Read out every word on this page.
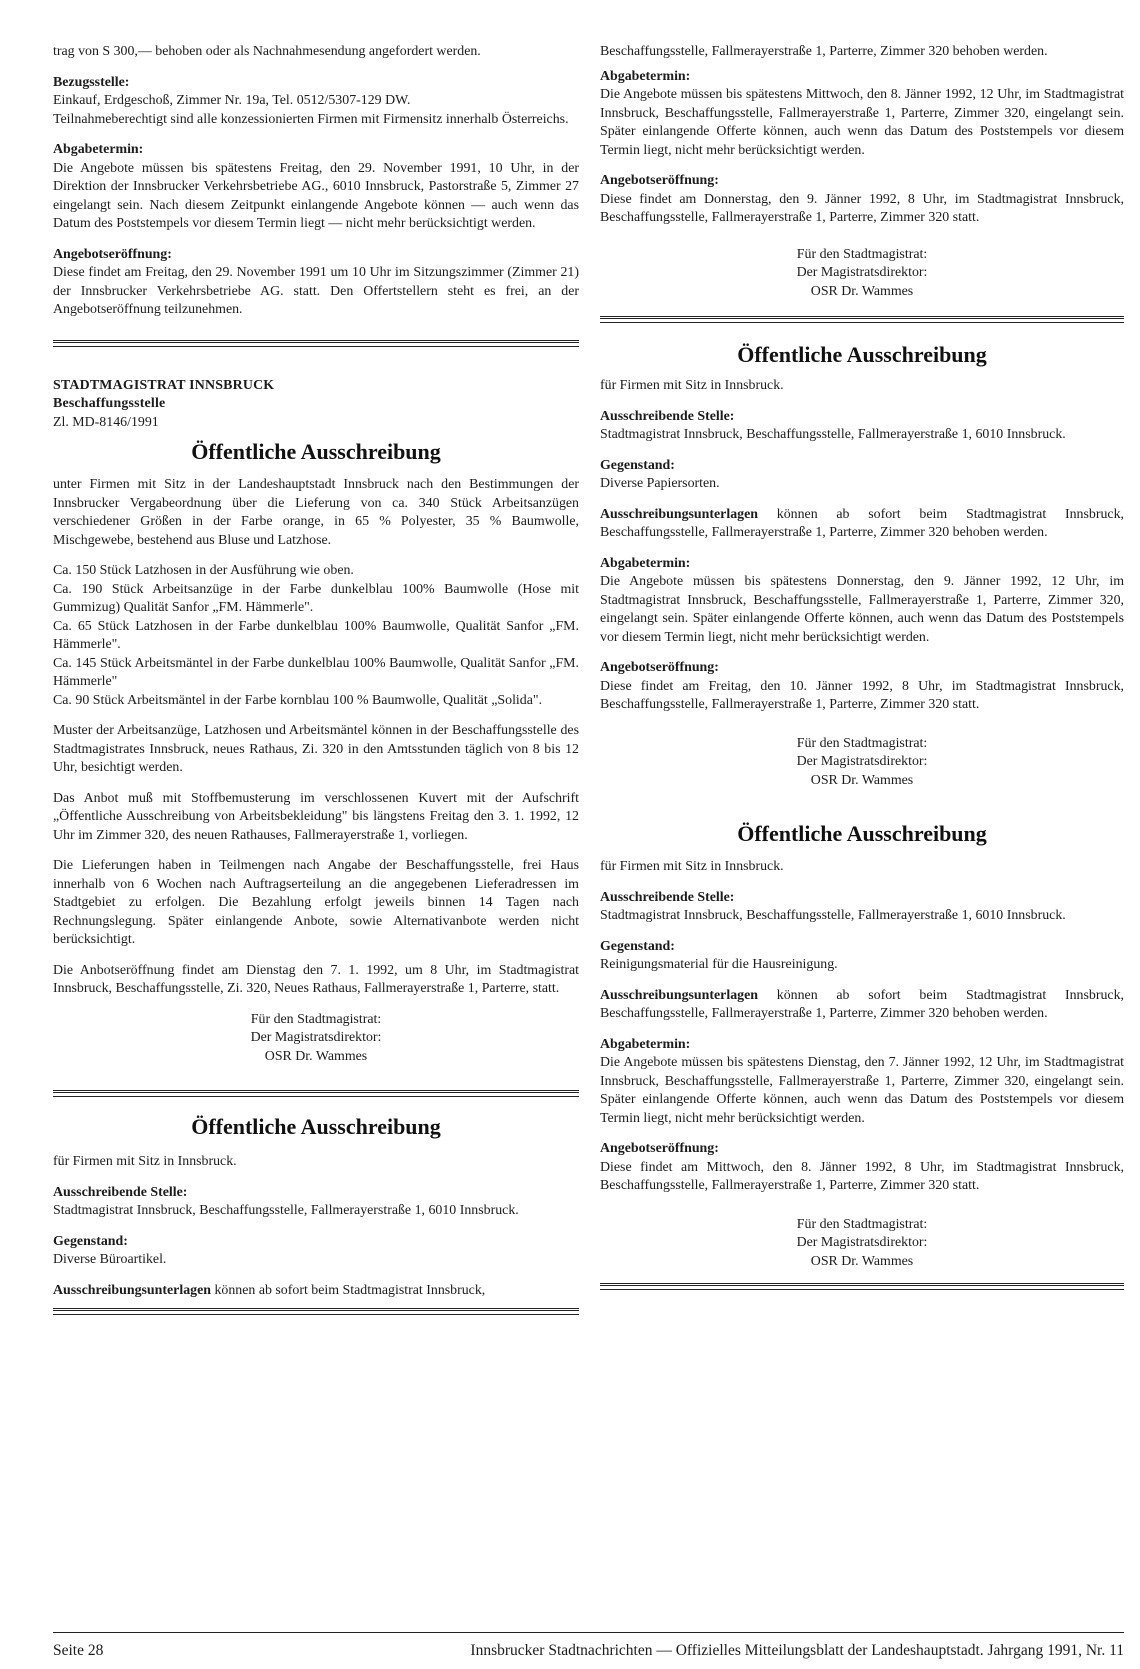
trag von S 300,— behoben oder als Nachnahmesendung angefordert werden.

Bezugsstelle:

Einkauf, Erdgeschoß, Zimmer Nr. 19a, Tel. 0512/5307-129 DW.

Teilnahmeberechtigt sind alle konzessionierten Firmen mit Firmensitz innerhalb Österreichs.

Abgabetermin:

Die Angebote müssen bis spätestens Freitag, den 29. November 1991, 10 Uhr, in der Direktion der Innsbrucker Verkehrsbetriebe AG., 6010 Innsbruck, Pastorstraße 5, Zimmer 27 eingelangt sein. Nach diesem Zeitpunkt einlangende Angebote können — auch wenn das Datum des Poststempels vor diesem Termin liegt — nicht mehr berücksichtigt werden.

Angebotseröffnung:

Diese findet am Freitag, den 29. November 1991 um 10 Uhr im Sitzungszimmer (Zimmer 21) der Innsbrucker Verkehrsbetriebe AG. statt. Den Offertstellern steht es frei, an der Angebotseröffnung teilzunehmen.

STADTMAGISTRAT INNSBRUCK
Beschaffungsstelle
Zl. MD-8146/1991
Öffentliche Ausschreibung

unter Firmen mit Sitz in der Landeshauptstadt Innsbruck nach den Bestimmungen der Innsbrucker Vergabeordnung über die Lieferung von ca. 340 Stück Arbeitsanzügen verschiedener Größen in der Farbe orange, in 65 % Polyester, 35 % Baumwolle, Mischgewebe, bestehend aus Bluse und Latzhose.

Ca. 150 Stück Latzhosen in der Ausführung wie oben.

Ca. 190 Stück Arbeitsanzüge in der Farbe dunkelblau 100% Baumwolle (Hose mit Gummizug) Qualität Sanfor „FM. Hämmerle".

Ca. 65 Stück Latzhosen in der Farbe dunkelblau 100% Baumwolle, Qualität Sanfor „FM. Hämmerle".

Ca. 145 Stück Arbeitsmäntel in der Farbe dunkelblau 100% Baumwolle, Qualität Sanfor „FM. Hämmerle"

Ca. 90 Stück Arbeitsmäntel in der Farbe kornblau 100 % Baumwolle, Qualität „Solida".

Muster der Arbeitsanzüge, Latzhosen und Arbeitsmäntel können in der Beschaffungsstelle des Stadtmagistrates Innsbruck, neues Rathaus, Zi. 320 in den Amtsstunden täglich von 8 bis 12 Uhr, besichtigt werden.

Das Anbot muß mit Stoffbemusterung im verschlossenen Kuvert mit der Aufschrift „Öffentliche Ausschreibung von Arbeitsbekleidung" bis längstens Freitag den 3. 1. 1992, 12 Uhr im Zimmer 320, des neuen Rathauses, Fallmerayerstraße 1, vorliegen.

Die Lieferungen haben in Teilmengen nach Angabe der Beschaffungsstelle, frei Haus innerhalb von 6 Wochen nach Auftragserteilung an die angegebenen Lieferadressen im Stadtgebiet zu erfolgen. Die Bezahlung erfolgt jeweils binnen 14 Tagen nach Rechnungslegung. Später einlangende Anbote, sowie Alternativanbote werden nicht berücksichtigt.

Die Anbotseröffnung findet am Dienstag den 7. 1. 1992, um 8 Uhr, im Stadtmagistrat Innsbruck, Beschaffungsstelle, Zi. 320, Neues Rathaus, Fallmerayerstraße 1, Parterre, statt.

Für den Stadtmagistrat:
Der Magistratsdirektor:
OSR Dr. Wammes
Öffentliche Ausschreibung

für Firmen mit Sitz in Innsbruck.

Ausschreibende Stelle:

Stadtmagistrat Innsbruck, Beschaffungsstelle, Fallmerayerstraße 1, 6010 Innsbruck.

Gegenstand:

Diverse Büroartikel.

Ausschreibungsunterlagen können ab sofort beim Stadtmagistrat Innsbruck,

Beschaffungsstelle, Fallmerayerstraße 1, Parterre, Zimmer 320 behoben werden.

Abgabetermin:

Die Angebote müssen bis spätestens Mittwoch, den 8. Jänner 1992, 12 Uhr, im Stadtmagistrat Innsbruck, Beschaffungsstelle, Fallmerayerstraße 1, Parterre, Zimmer 320, eingelangt sein. Später einlangende Offerte können, auch wenn das Datum des Poststempels vor diesem Termin liegt, nicht mehr berücksichtigt werden.

Angebotseröffnung:

Diese findet am Donnerstag, den 9. Jänner 1992, 8 Uhr, im Stadtmagistrat Innsbruck, Beschaffungsstelle, Fallmerayerstraße 1, Parterre, Zimmer 320 statt.

Für den Stadtmagistrat:
Der Magistratsdirektor:
OSR Dr. Wammes
Öffentliche Ausschreibung

für Firmen mit Sitz in Innsbruck.

Ausschreibende Stelle:

Stadtmagistrat Innsbruck, Beschaffungsstelle, Fallmerayerstraße 1, 6010 Innsbruck.

Gegenstand:

Diverse Papiersorten.

Ausschreibungsunterlagen können ab sofort beim Stadtmagistrat Innsbruck, Beschaffungsstelle, Fallmerayerstraße 1, Parterre, Zimmer 320 behoben werden.

Abgabetermin:

Die Angebote müssen bis spätestens Donnerstag, den 9. Jänner 1992, 12 Uhr, im Stadtmagistrat Innsbruck, Beschaffungsstelle, Fallmerayerstraße 1, Parterre, Zimmer 320, eingelangt sein. Später einlangende Offerte können, auch wenn das Datum des Poststempels vor diesem Termin liegt, nicht mehr berücksichtigt werden.

Angebotseröffnung:

Diese findet am Freitag, den 10. Jänner 1992, 8 Uhr, im Stadtmagistrat Innsbruck, Beschaffungsstelle, Fallmerayerstraße 1, Parterre, Zimmer 320 statt.

Für den Stadtmagistrat:
Der Magistratsdirektor:
OSR Dr. Wammes
Öffentliche Ausschreibung

für Firmen mit Sitz in Innsbruck.

Ausschreibende Stelle:

Stadtmagistrat Innsbruck, Beschaffungsstelle, Fallmerayerstraße 1, 6010 Innsbruck.

Gegenstand:

Reinigungsmaterial für die Hausreinigung.

Ausschreibungsunterlagen können ab sofort beim Stadtmagistrat Innsbruck, Beschaffungsstelle, Fallmerayerstraße 1, Parterre, Zimmer 320 behoben werden.

Abgabetermin:

Die Angebote müssen bis spätestens Dienstag, den 7. Jänner 1992, 12 Uhr, im Stadtmagistrat Innsbruck, Beschaffungsstelle, Fallmerayerstraße 1, Parterre, Zimmer 320, eingelangt sein. Später einlangende Offerte können, auch wenn das Datum des Poststempels vor diesem Termin liegt, nicht mehr berücksichtigt werden.

Angebotseröffnung:

Diese findet am Mittwoch, den 8. Jänner 1992, 8 Uhr, im Stadtmagistrat Innsbruck, Beschaffungsstelle, Fallmerayerstraße 1, Parterre, Zimmer 320 statt.

Für den Stadtmagistrat:
Der Magistratsdirektor:
OSR Dr. Wammes
Seite 28	Innsbrucker Stadtnachrichten — Offizielles Mitteilungsblatt der Landeshauptstadt. Jahrgang 1991, Nr. 11
